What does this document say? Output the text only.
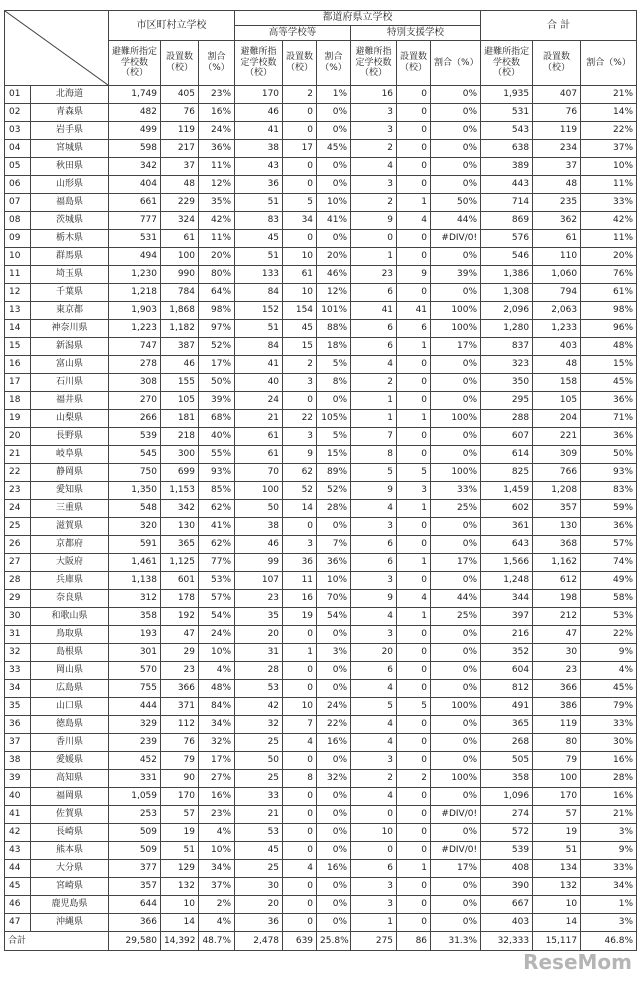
	市区町村立学校			都道府県立学校						合 計		
					高等学校等			特別支援学校					
		避難所指定学校数（校）	設置数（校）	割合（%）	避難所指定学校数（校）	設置数（校）	割合（%）	避難所指定学校数（校）	設置数（校）	割合（%）	避難所指定学校数（校）	設置数（校）	割合（%）
01	北海道	1,749	405	23%	170	2	1%	16	0	0%	1,935	407	21%
02	青森県	482	76	16%	46	0	0%	3	0	0%	531	76	14%
03	岩手県	499	119	24%	41	0	0%	3	0	0%	543	119	22%
04	宮城県	598	217	36%	38	17	45%	2	0	0%	638	234	37%
05	秋田県	342	37	11%	43	0	0%	4	0	0%	389	37	10%
06	山形県	404	48	12%	36	0	0%	3	0	0%	443	48	11%
07	福島県	661	229	35%	51	5	10%	2	1	50%	714	235	33%
08	茨城県	777	324	42%	83	34	41%	9	4	44%	869	362	42%
09	栃木県	531	61	11%	45	0	0%	0	0	#DIV/0!	576	61	11%
10	群馬県	494	100	20%	51	10	20%	1	0	0%	546	110	20%
11	埼玉県	1,230	990	80%	133	61	46%	23	9	39%	1,386	1,060	76%
12	千葉県	1,218	784	64%	84	10	12%	6	0	0%	1,308	794	61%
13	東京都	1,903	1,868	98%	152	154	101%	41	41	100%	2,096	2,063	98%
14	神奈川県	1,223	1,182	97%	51	45	88%	6	6	100%	1,280	1,233	96%
15	新潟県	747	387	52%	84	15	18%	6	1	17%	837	403	48%
16	富山県	278	46	17%	41	2	5%	4	0	0%	323	48	15%
17	石川県	308	155	50%	40	3	8%	2	0	0%	350	158	45%
18	福井県	270	105	39%	24	0	0%	1	0	0%	295	105	36%
19	山梨県	266	181	68%	21	22	105%	1	1	100%	288	204	71%
20	長野県	539	218	40%	61	3	5%	7	0	0%	607	221	36%
21	岐阜県	545	300	55%	61	9	15%	8	0	0%	614	309	50%
22	静岡県	750	699	93%	70	62	89%	5	5	100%	825	766	93%
23	愛知県	1,350	1,153	85%	100	52	52%	9	3	33%	1,459	1,208	83%
24	三重県	548	342	62%	50	14	28%	4	1	25%	602	357	59%
25	滋賀県	320	130	41%	38	0	0%	3	0	0%	361	130	36%
26	京都府	591	365	62%	46	3	7%	6	0	0%	643	368	57%
27	大阪府	1,461	1,125	77%	99	36	36%	6	1	17%	1,566	1,162	74%
28	兵庫県	1,138	601	53%	107	11	10%	3	0	0%	1,248	612	49%
29	奈良県	312	178	57%	23	16	70%	9	4	44%	344	198	58%
30	和歌山県	358	192	54%	35	19	54%	4	1	25%	397	212	53%
31	鳥取県	193	47	24%	20	0	0%	3	0	0%	216	47	22%
32	島根県	301	29	10%	31	1	3%	20	0	0%	352	30	9%
33	岡山県	570	23	4%	28	0	0%	6	0	0%	604	23	4%
34	広島県	755	366	48%	53	0	0%	4	0	0%	812	366	45%
35	山口県	444	371	84%	42	10	24%	5	5	100%	491	386	79%
36	徳島県	329	112	34%	32	7	22%	4	0	0%	365	119	33%
37	香川県	239	76	32%	25	4	16%	4	0	0%	268	80	30%
38	愛媛県	452	79	17%	50	0	0%	3	0	0%	505	79	16%
39	高知県	331	90	27%	25	8	32%	2	2	100%	358	100	28%
40	福岡県	1,059	170	16%	33	0	0%	4	0	0%	1,096	170	16%
41	佐賀県	253	57	23%	21	0	0%	0	0	#DIV/0!	274	57	21%
42	長崎県	509	19	4%	53	0	0%	10	0	0%	572	19	3%
43	熊本県	509	51	10%	45	0	0%	0	0	#DIV/0!	539	51	9%
44	大分県	377	129	34%	25	4	16%	6	1	17%	408	134	33%
45	宮崎県	357	132	37%	30	0	0%	3	0	0%	390	132	34%
46	鹿児島県	644	10	2%	20	0	0%	3	0	0%	667	10	1%
47	沖縄県	366	14	4%	36	0	0%	1	0	0%	403	14	3%
合計		29,580	14,392	48.7%	2,478	639	25.8%	275	86	31.3%	32,333	15,117	46.8%
ReseMom
